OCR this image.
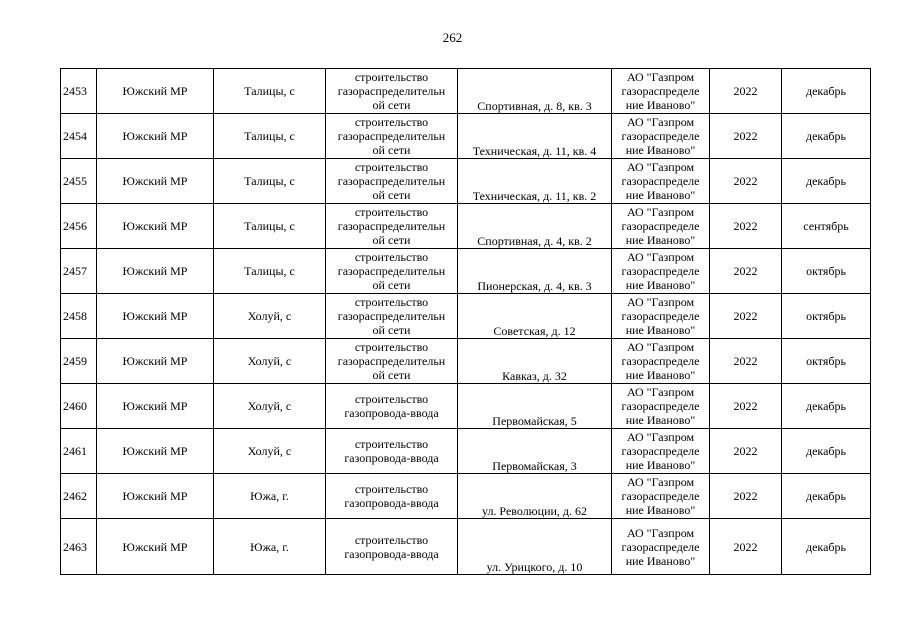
262
2453	Южский МР	Талицы, с	строительство
газораспределительн
ой сети	Спортивная, д. 8, кв. 3	АО "Газпром
газораспределе
ние Иваново"	2022	декабрь

2454	Южский МР	Талицы, с	строительство
газораспределительн
ой сети	Техническая, д. 11, кв. 4	АО "Газпром
газораспределе
ние Иваново"	2022	декабрь

2455	Южский МР	Талицы, с	строительство
газораспределительн
ой сети	Техническая, д. 11, кв. 2	АО "Газпром
газораспределе
ние Иваново"	2022	декабрь

2456	Южский МР	Талицы, с	строительство
газораспределительн
ой сети	Спортивная, д. 4, кв. 2	АО "Газпром
газораспределе
ние Иваново"	2022	сентябрь

2457	Южский МР	Талицы, с	строительство
газораспределительн
ой сети	Пионерская, д. 4, кв. 3	АО "Газпром
газораспределе
ние Иваново"	2022	октябрь

2458	Южский МР	Холуй, с	строительство
газораспределительн
ой сети	Советская, д. 12	АО "Газпром
газораспределе
ние Иваново"	2022	октябрь

2459	Южский МР	Холуй, с	строительство
газораспределительн
ой сети	Кавказ, д. 32	АО "Газпром
газораспределе
ние Иваново"	2022	октябрь

2460	Южский МР	Холуй, с	строительство
газопровода-ввода	Первомайская, 5	АО "Газпром
газораспределе
ние Иваново"	2022	декабрь

2461	Южский МР	Холуй, с	строительство
газопровода-ввода	Первомайская, 3	АО "Газпром
газораспределе
ние Иваново"	2022	декабрь

2462	Южский МР	Южа, г.	строительство
газопровода-ввода	ул. Революции, д. 62	АО "Газпром
газораспределе
ние Иваново"	2022	декабрь

2463	Южский МР	Южа, г.	строительство
газопровода-ввода	ул. Урицкого, д. 10	АО "Газпром
газораспределе
ние Иваново"	2022	декабрь
